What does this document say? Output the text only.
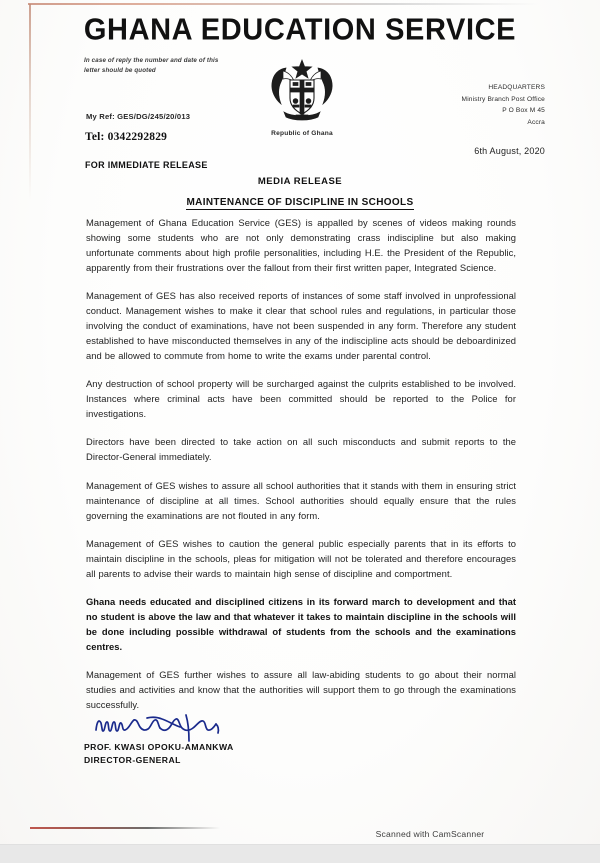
GHANA EDUCATION SERVICE
In case of reply the number and date of this letter should be quoted
Republic of Ghana
HEADQUARTERS
Ministry Branch Post Office
P O Box M 45
Accra
My Ref: GES/DG/245/20/013
Tel: 0342292829
FOR IMMEDIATE RELEASE
6th August, 2020
MEDIA RELEASE
MAINTENANCE OF DISCIPLINE IN SCHOOLS

Management of Ghana Education Service (GES) is appalled by scenes of videos making rounds showing some students who are not only demonstrating crass indiscipline but also making unfortunate comments about high profile personalities, including H.E. the President of the Republic, apparently from their frustrations over the fallout from their first written paper, Integrated Science.

Management of GES has also received reports of instances of some staff involved in unprofessional conduct. Management wishes to make it clear that school rules and regulations, in particular those involving the conduct of examinations, have not been suspended in any form. Therefore any student established to have misconducted themselves in any of the indiscipline acts should be deboardinized and be allowed to commute from home to write the exams under parental control.

Any destruction of school property will be surcharged against the culprits established to be involved. Instances where criminal acts have been committed should be reported to the Police for investigations.

Directors have been directed to take action on all such misconducts and submit reports to the Director-General immediately.

Management of GES wishes to assure all school authorities that it stands with them in ensuring strict maintenance of discipline at all times. School authorities should equally ensure that the rules governing the examinations are not flouted in any form.

Management of GES wishes to caution the general public especially parents that in its efforts to maintain discipline in the schools, pleas for mitigation will not be tolerated and therefore encourages all parents to advise their wards to maintain high sense of discipline and comportment.

Ghana needs educated and disciplined citizens in its forward march to development and that no student is above the law and that whatever it takes to maintain discipline in the schools will be done including possible withdrawal of students from the schools and the examinations centres.

Management of GES further wishes to assure all law-abiding students to go about their normal studies and activities and know that the authorities will support them to go through the examinations successfully.

PROF. KWASI OPOKU-AMANKWA
DIRECTOR-GENERAL
Scanned with CamScanner
